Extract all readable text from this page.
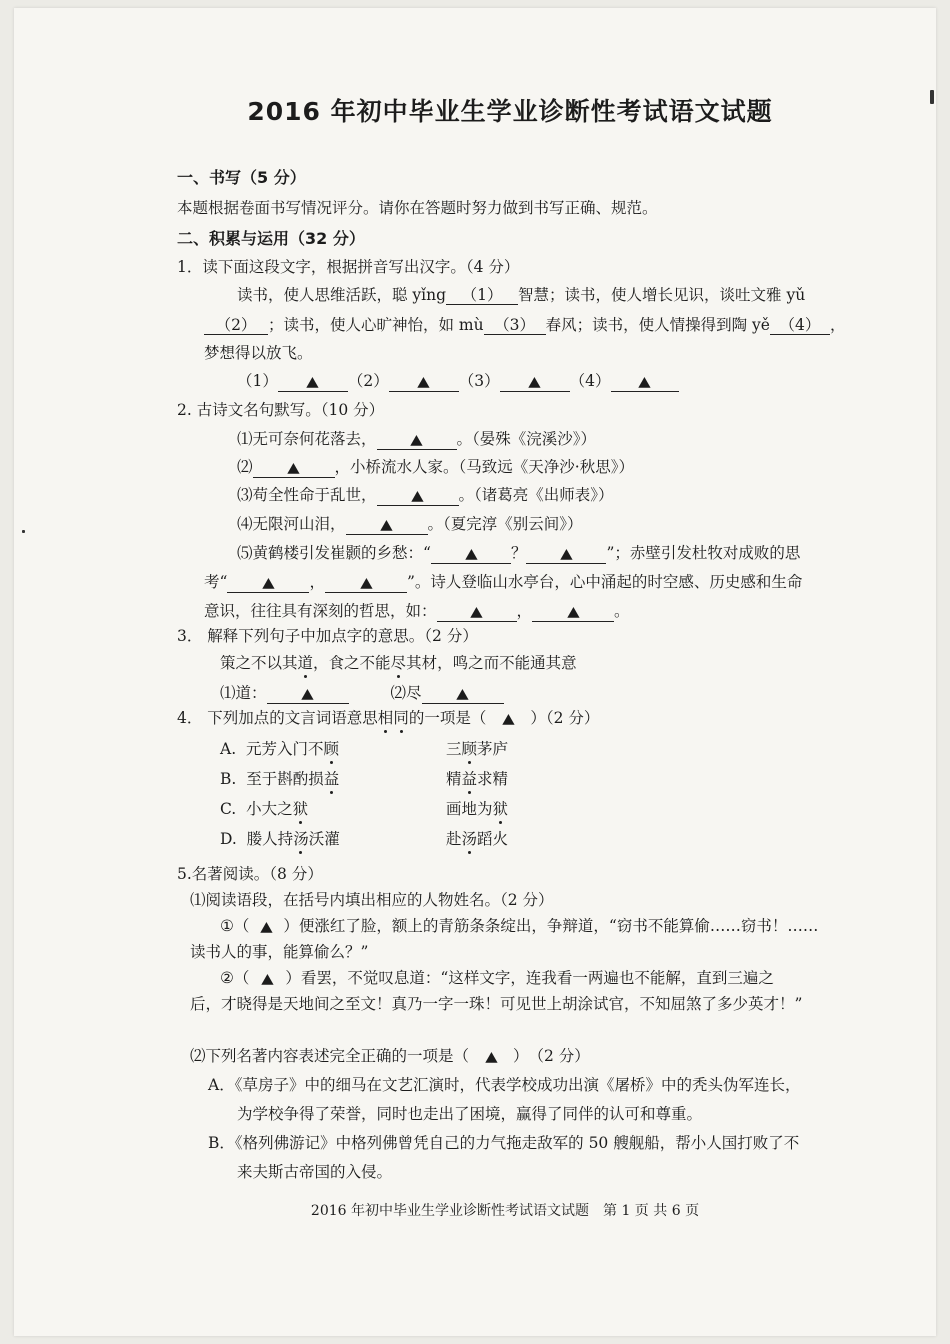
2016 年初中毕业生学业诊断性考试语文试题
一、书写（5 分）
本题根据卷面书写情况评分。请你在答题时努力做到书写正确、规范。
二、积累与运用（32 分）
1．读下面这段文字，根据拼音写出汉字。（4 分）
读书，使人思维活跃，聪 yǐng （1） 智慧；读书，使人增长见识，谈吐文雅 yǔ
（2） ；读书，使人心旷神怡，如 mù （3） 春风；读书，使人情操得到陶 yě （4） ，
梦想得以放飞。
（1） ▲ （2） ▲ （3） ▲ （4） ▲
2. 古诗文名句默写。（10 分）
⑴无可奈何花落去， ▲ 。（晏殊《浣溪沙》）
⑵ ▲ ，小桥流水人家。（马致远《天净沙·秋思》）
⑶苟全性命于乱世， ▲ 。（诸葛亮《出师表》）
⑷无限河山泪， ▲ 。（夏完淳《别云间》）
⑸黄鹤楼引发崔颢的乡愁：“ ▲ ？ ▲ ”；赤壁引发杜牧对成败的思
考“ ▲ ， ▲ ”。诗人登临山水亭台，心中涌起的时空感、历史感和生命
意识，往往具有深刻的哲思，如： ▲ ， ▲ 。
3． 解释下列句子中加点字的意思。（2 分）
策之不以其道，食之不能尽其材，鸣之而不能通其意
⑴道： ▲	⑵尽 ▲
4． 下列加点的文言词语意思相同的一项是（ ▲ ）（2 分）
A. 元芳入门不顾	三顾茅庐
B. 至于斟酌损益	精益求精
C. 小大之狱	画地为狱
D. 媵人持汤沃灌	赴汤蹈火
5.名著阅读。（8 分）
⑴阅读语段，在括号内填出相应的人物姓名。（2 分）
①（ ▲ ）便涨红了脸，额上的青筋条条绽出，争辩道，“窃书不能算偷……窃书！……
读书人的事，能算偷么？”
②（ ▲ ）看罢，不觉叹息道：“这样文字，连我看一两遍也不能解，直到三遍之
后，才晓得是天地间之至文！真乃一字一珠！可见世上胡涂试官，不知屈煞了多少英才！”
⑵下列名著内容表述完全正确的一项是（ ▲ ）　（2 分）
A．《草房子》中的细马在文艺汇演时，代表学校成功出演《屠桥》中的秃头伪军连长，
为学校争得了荣誉，同时也走出了困境，赢得了同伴的认可和尊重。
B．《格列佛游记》中格列佛曾凭自己的力气拖走敌军的 50 艘舰船，帮小人国打败了不
来夫斯古帝国的入侵。
2016 年初中毕业生学业诊断性考试语文试题　第 1 页 共 6 页
